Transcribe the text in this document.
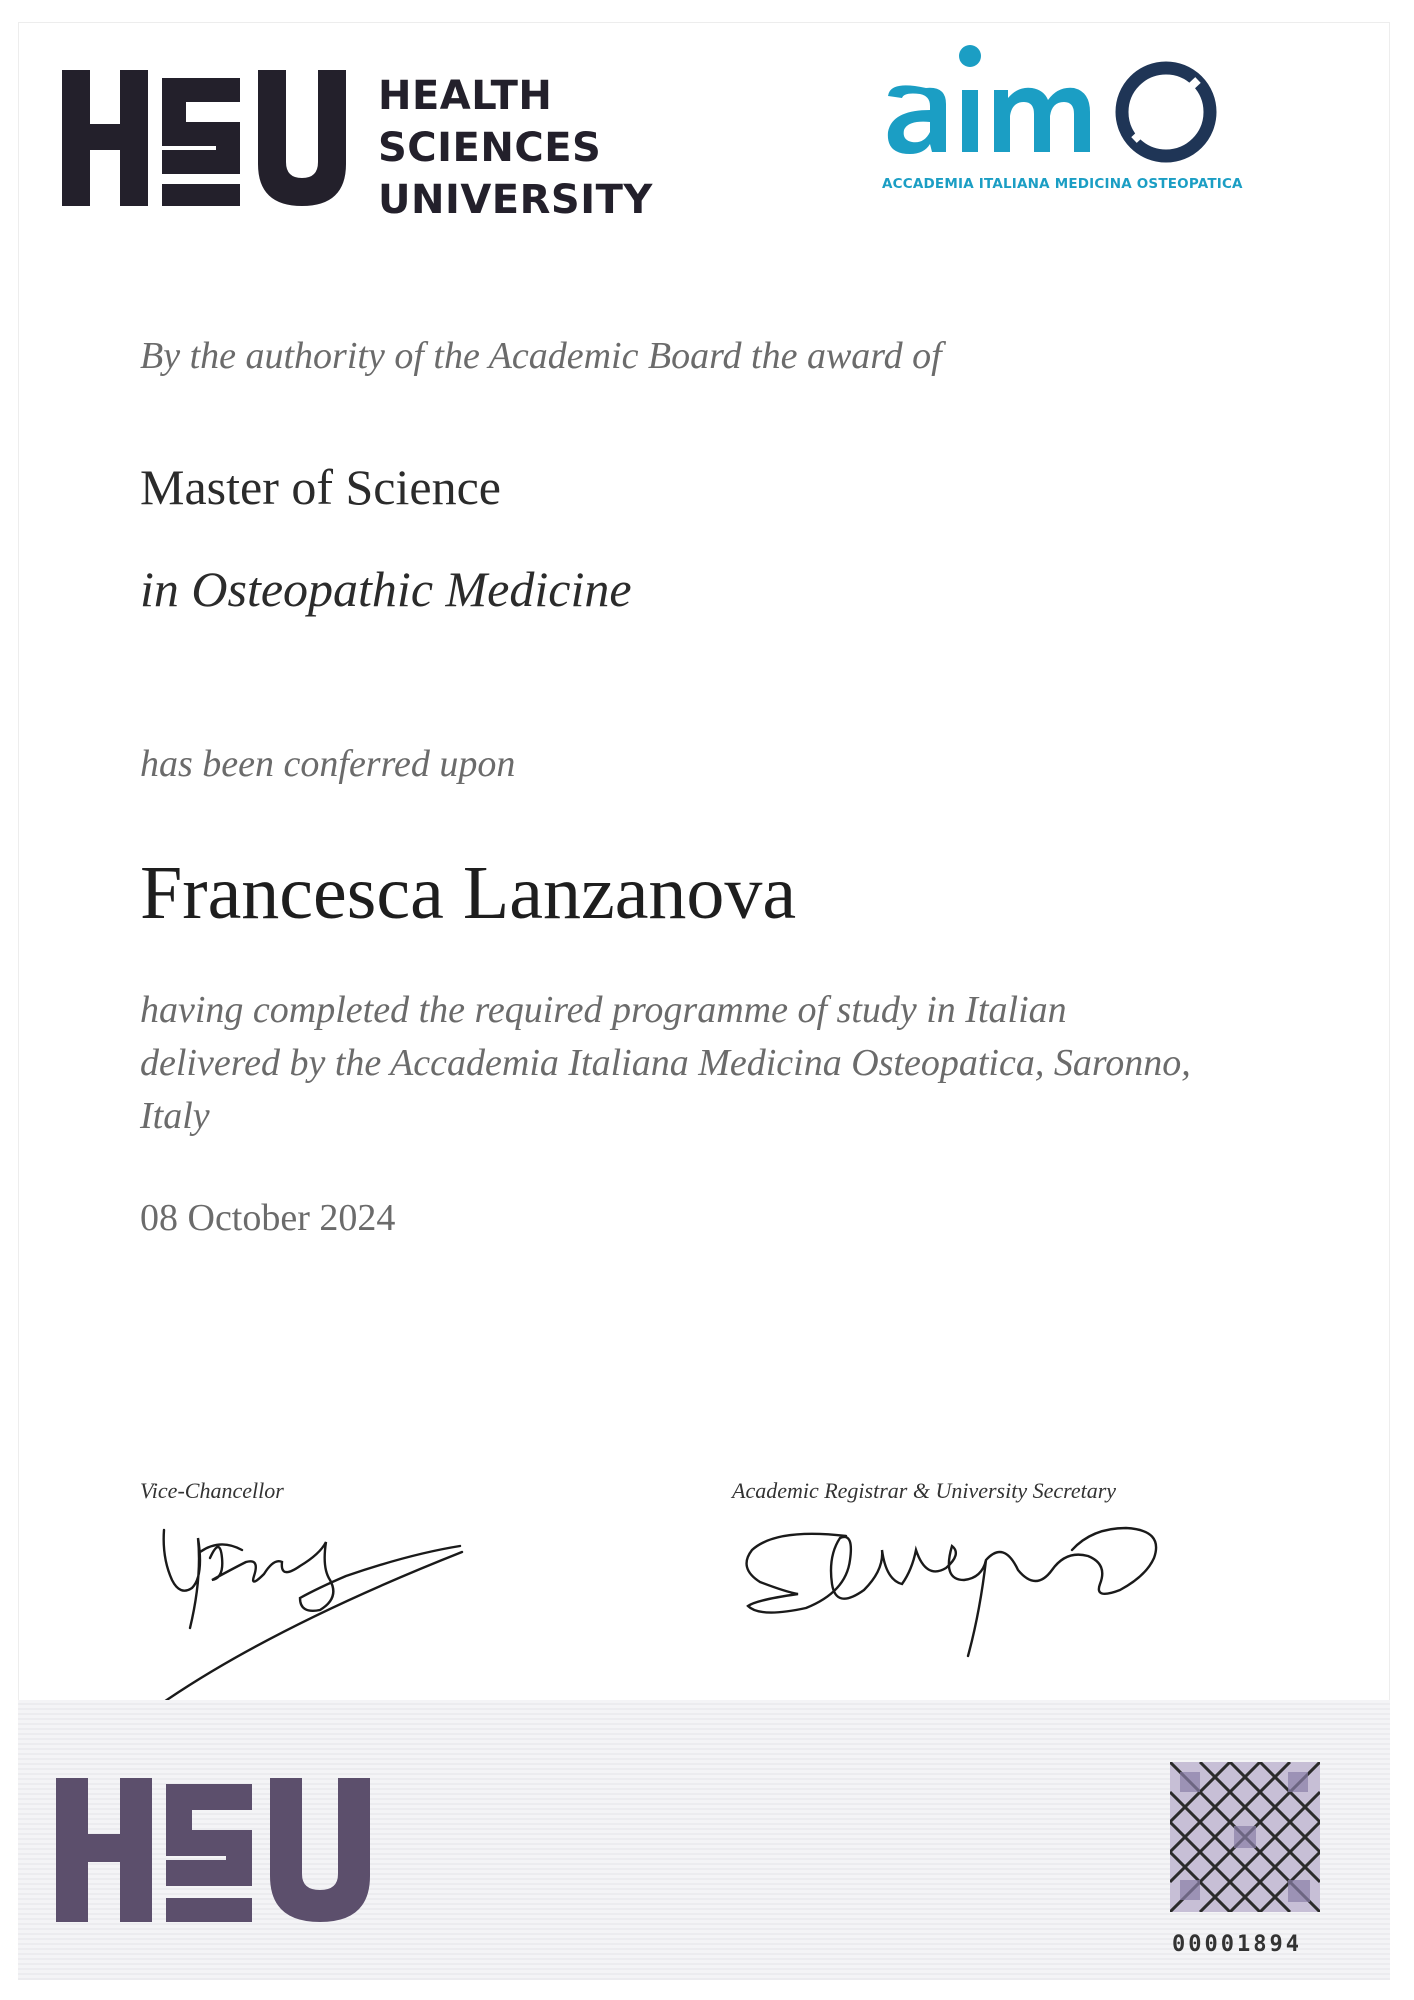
HEALTH
SCIENCES
UNIVERSITY	ACCADEMIA ITALIANA MEDICINA OSTEOPATICA
By the authority of the Academic Board the award of
Master of Science
in Osteopathic Medicine
has been conferred upon
Francesca Lanzanova
having completed the required programme of study in Italian
delivered by the Accademia Italiana Medicina Osteopatica, Saronno,
Italy
08 October 2024
Vice-Chancellor	Academic Registrar & University Secretary
00001894
